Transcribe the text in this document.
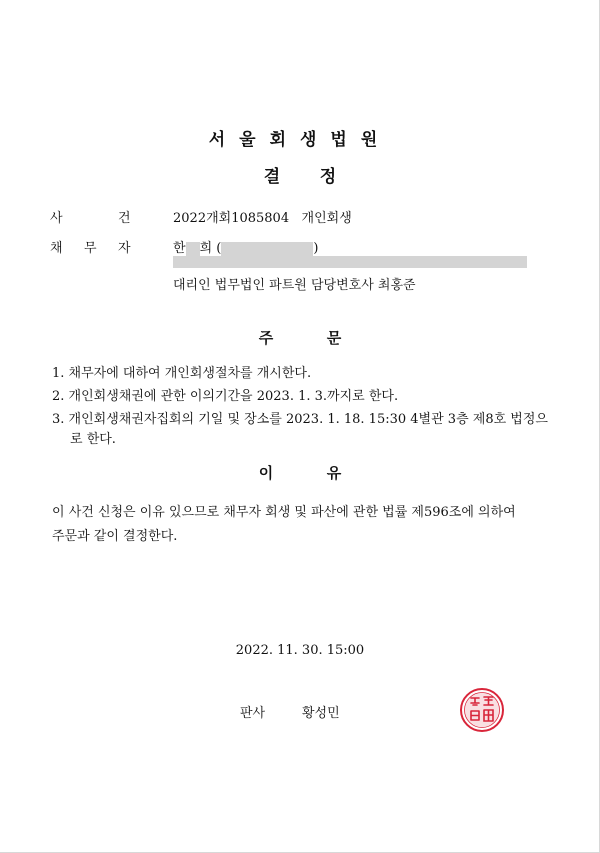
서울회생법원
결 정
사	건	2022개회1085804 개인회생
채 무 자	한 희 (	)
대리인 법무법인 파트원 담당변호사 최홍준
주	문
1. 채무자에 대하여 개인회생절차를 개시한다.
2. 개인회생채권에 관한 이의기간을 2023. 1. 3.까지로 한다.
3. 개인회생채권자집회의 기일 및 장소를 2023. 1. 18. 15:30 4별관 3층 제8호 법정으
로 한다.
이	유
이 사건 신청은 이유 있으므로 채무자 회생 및 파산에 관한 법률 제596조에 의하여
주문과 같이 결정한다.
2022. 11. 30. 15:00
판사	황성민
